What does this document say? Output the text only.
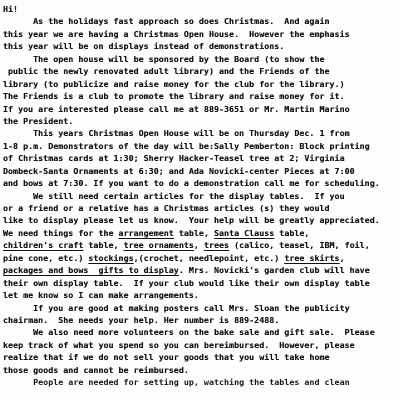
Hi!
As the holidays fast approach so does Christmas.  And again
this year we are having a Christmas Open House.  However the emphasis
this year will be on displays instead of demonstrations.
The open house will be sponsored by the Board (to show the
public the newly renovated adult library) and the Friends of the
library (to publicize and raise money for the club for the library.)
The Friends is a club to promote the library and raise money for it.
If you are interested please call me at 889-3651 or Mr. Martin Marino
the President.
This years Christmas Open House will be on Thursday Dec. 1 from
1-8 p.m. Demonstrators of the day will be:Sally Pemberton: Block printing
of Christmas cards at 1:30; Sherry Hacker-Teasel tree at 2; Virginia
Dombeck-Santa Ornaments at 6:30; and Ada Novicki-center Pieces at 7:00
and bows at 7:30. If you want to do a demonstration call me for scheduling.
We still need certain articles for the display tables.  If you
or a friend or a relative has a Christmas articles (s) they would
like to display please let us know.  Your help will be greatly appreciated.
We need things for the arrangement table, Santa Clauss table,
children's craft table, tree ornaments, trees (calico, teasel, IBM, foil,
pine cone, etc.) stockings,(crochet, needlepoint, etc.) tree skirts,
packages and bows  gifts to display. Mrs. Novicki's garden club will have
their own display table.  If your club would like their own display table
let me know so I can make arrangements.
If you are good at making posters call Mrs. Sloan the publicity
chairman.  She needs your help. Her number is 889-2488.
We also need more volunteers on the bake sale and gift sale.  Please
keep track of what you spend so you can bereimbursed.  However, please
realize that if we do not sell your goods that you will take home
those goods and cannot be reimbursed.
People are needed for setting up, watching the tables and clean
